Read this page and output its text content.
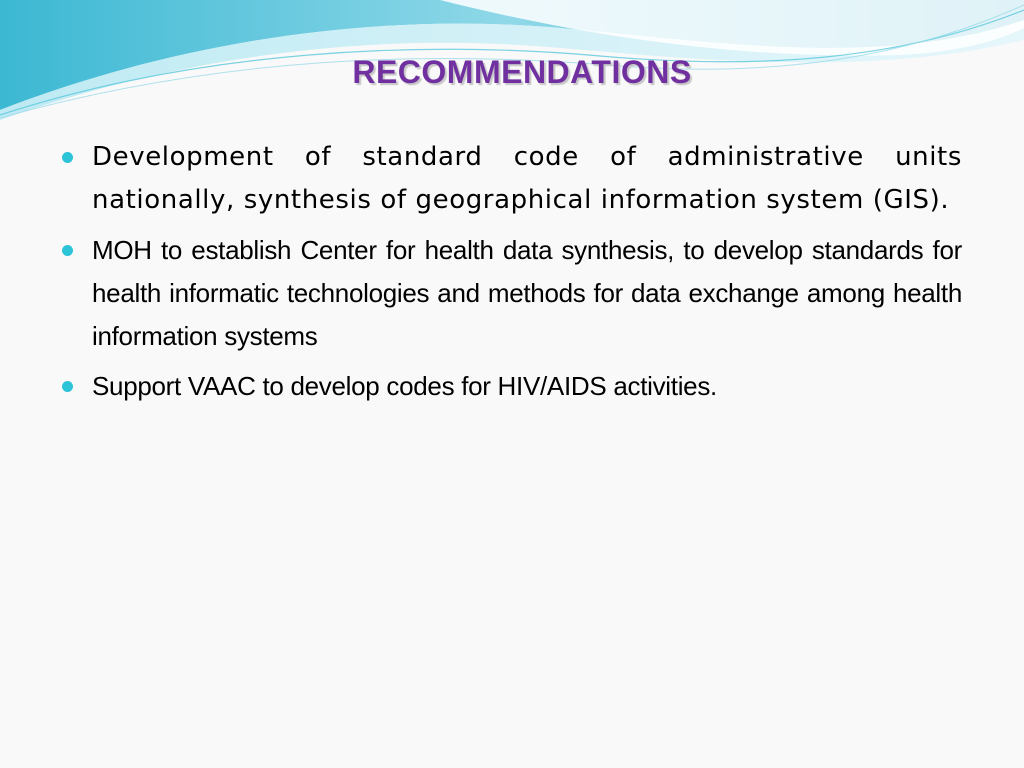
RECOMMENDATIONS
Development of standard code of administrative units nationally, synthesis of geographical information system (GIS).
MOH to establish Center for health data synthesis, to develop standards for health informatic technologies and methods for data exchange among health information systems
Support VAAC to develop codes for HIV/AIDS activities.
